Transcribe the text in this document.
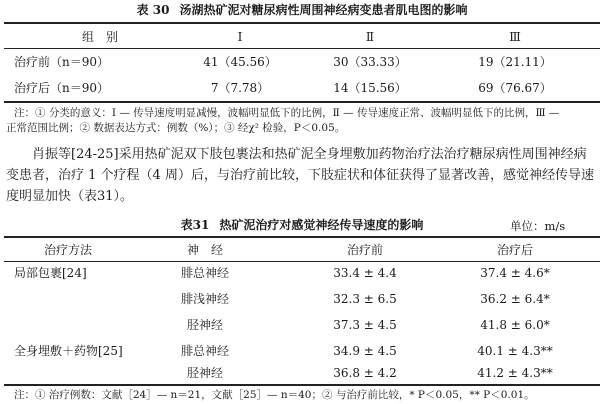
表 30 汤湖热矿泥对糖尿病性周围神经病变患者肌电图的影响
组　别	Ⅰ	Ⅱ	Ⅲ
治疗前（n＝90）	41（45.56）	30（33.33）	19（21.11）
治疗后（n＝90）	7（7.78）	14（15.56）	69（76.67）
注：① 分类的意义：Ⅰ — 传导速度明显减慢，波幅明显低下的比例，Ⅱ — 传导速度正常、波幅明显低下的比例，Ⅲ —
正常范围比例；② 数据表达方式：例数（%）；③ 经χ² 检验，P＜0.05。
肖振等[24-25]采用热矿泥双下肢包裹法和热矿泥全身埋敷加药物治疗法治疗糖尿病性周围神经病变患者，治疗 1 个疗程（4 周）后，与治疗前比较，下肢症状和体征获得了显著改善，感觉神经传导速度明显加快（表31）。
表31 热矿泥治疗对感觉神经传导速度的影响	单位：m/s
治疗方法	神　经	治疗前	治疗后
局部包裹[24]	腓总神经	33.4 ± 4.4	37.4 ± 4.6*
腓浅神经	32.3 ± 6.5	36.2 ± 6.4*
胫神经	37.3 ± 4.5	41.8 ± 6.0*
全身埋敷＋药物[25]	腓总神经	34.9 ± 4.5	40.1 ± 4.3**
胫神经	36.8 ± 4.2	41.2 ± 4.3**
注：① 治疗例数：文献［24］— n＝21，文献［25］— n＝40；② 与治疗前比较，* P＜0.05，** P＜0.01。
